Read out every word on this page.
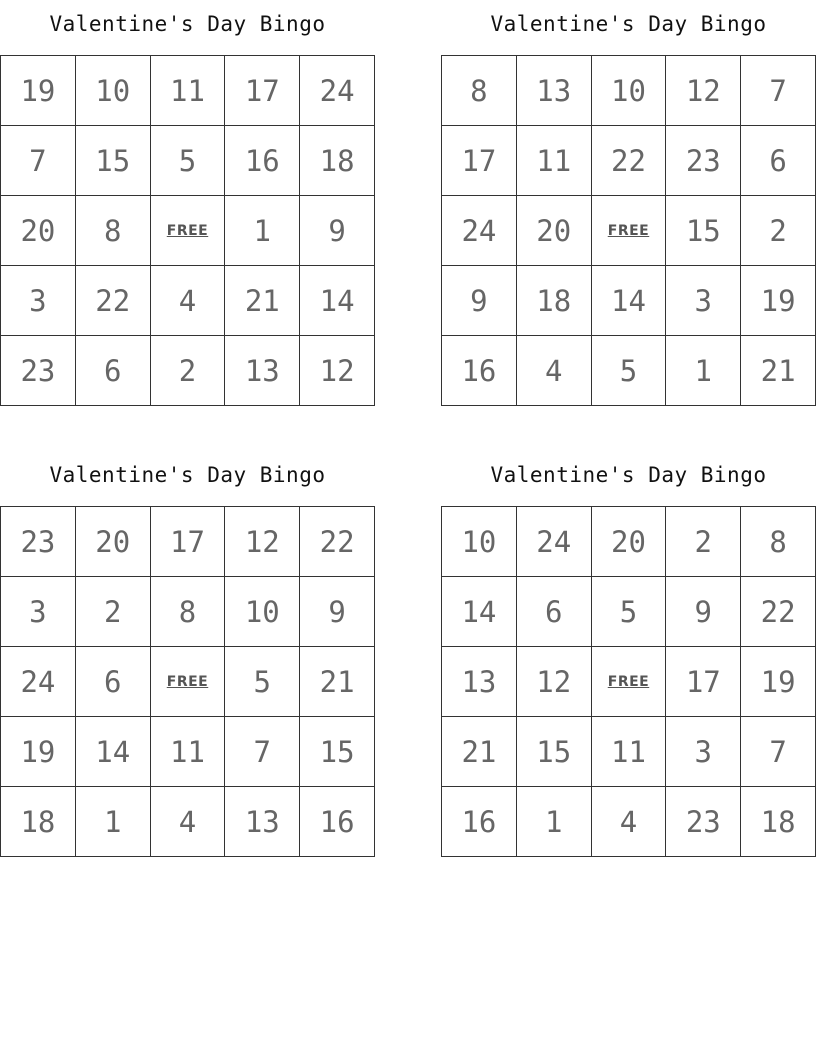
Valentine's Day Bingo
19	10	11	17	24
7	15	5	16	18
20	8	FREE	1	9
3	22	4	21	14
23	6	2	13	12
Valentine's Day Bingo
8	13	10	12	7
17	11	22	23	6
24	20	FREE	15	2
9	18	14	3	19
16	4	5	1	21
Valentine's Day Bingo
23	20	17	12	22
3	2	8	10	9
24	6	FREE	5	21
19	14	11	7	15
18	1	4	13	16
Valentine's Day Bingo
10	24	20	2	8
14	6	5	9	22
13	12	FREE	17	19
21	15	11	3	7
16	1	4	23	18
